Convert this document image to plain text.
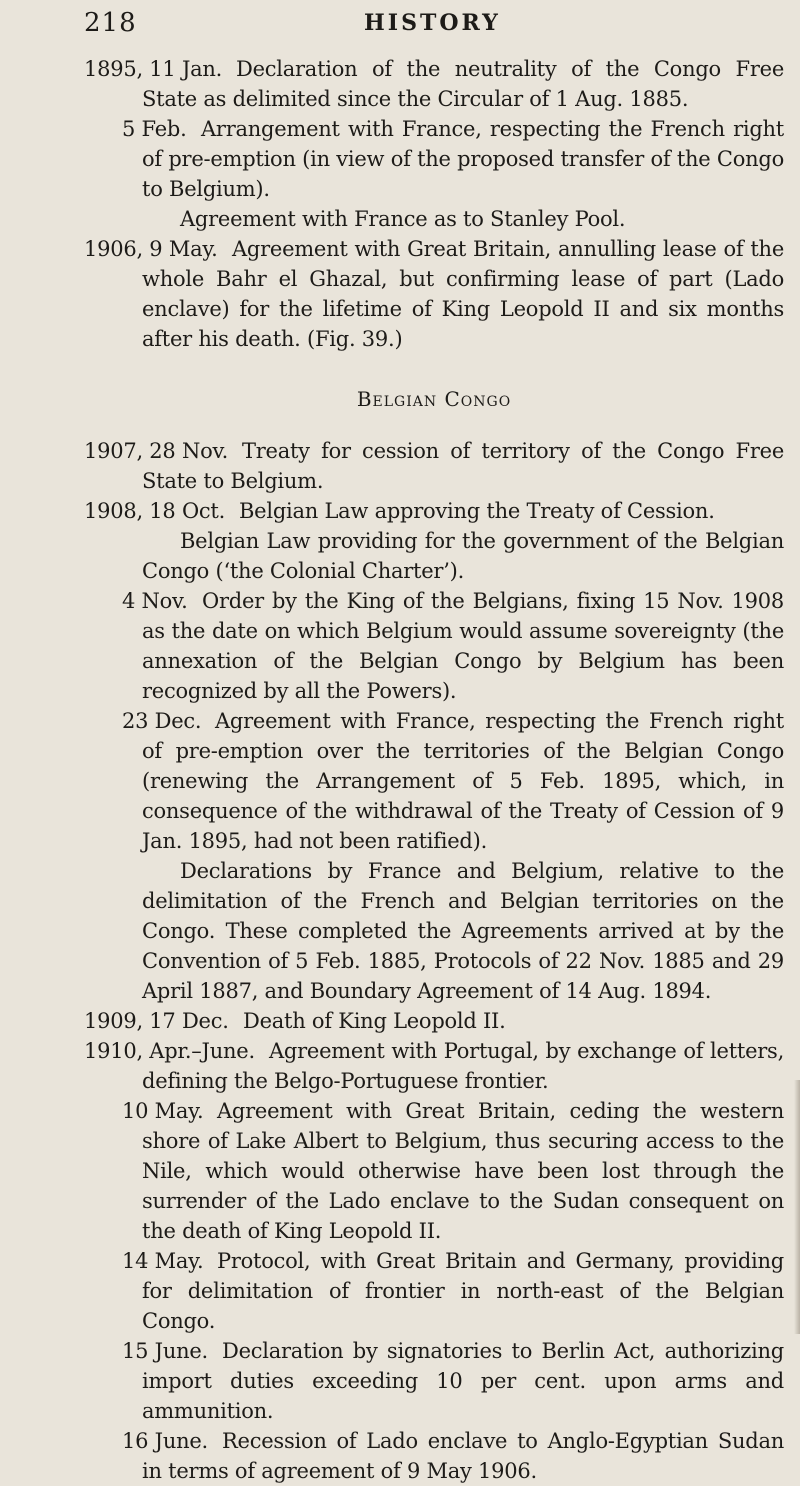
218	HISTORY

1895, 11 Jan. Declaration of the neutrality of the Congo Free State as delimited since the Circular of 1 Aug. 1885.

5 Feb. Arrangement with France, respecting the French right of pre-emption (in view of the proposed transfer of the Congo to Belgium).

Agreement with France as to Stanley Pool.

1906, 9 May. Agreement with Great Britain, annulling lease of the whole Bahr el Ghazal, but confirming lease of part (Lado enclave) for the lifetime of King Leopold II and six months after his death. (Fig. 39.)

Belgian Congo

1907, 28 Nov. Treaty for cession of territory of the Congo Free State to Belgium.

1908, 18 Oct. Belgian Law approving the Treaty of Cession.

Belgian Law providing for the government of the Belgian Congo (‘the Colonial Charter’).

4 Nov. Order by the King of the Belgians, fixing 15 Nov. 1908 as the date on which Belgium would assume sovereignty (the annexation of the Belgian Congo by Belgium has been recognized by all the Powers).

23 Dec. Agreement with France, respecting the French right of pre-emption over the territories of the Belgian Congo (renewing the Arrangement of 5 Feb. 1895, which, in consequence of the withdrawal of the Treaty of Cession of 9 Jan. 1895, had not been ratified).

Declarations by France and Belgium, relative to the delimitation of the French and Belgian territories on the Congo. These completed the Agreements arrived at by the Convention of 5 Feb. 1885, Protocols of 22 Nov. 1885 and 29 April 1887, and Boundary Agreement of 14 Aug. 1894.

1909, 17 Dec. Death of King Leopold II.

1910, Apr.–June. Agreement with Portugal, by exchange of letters, defining the Belgo-Portuguese frontier.

10 May. Agreement with Great Britain, ceding the western shore of Lake Albert to Belgium, thus securing access to the Nile, which would otherwise have been lost through the surrender of the Lado enclave to the Sudan consequent on the death of King Leopold II.

14 May. Protocol, with Great Britain and Germany, providing for delimitation of frontier in north-east of the Belgian Congo.

15 June. Declaration by signatories to Berlin Act, authorizing import duties exceeding 10 per cent. upon arms and ammunition.

16 June. Recession of Lado enclave to Anglo-Egyptian Sudan in terms of agreement of 9 May 1906.
